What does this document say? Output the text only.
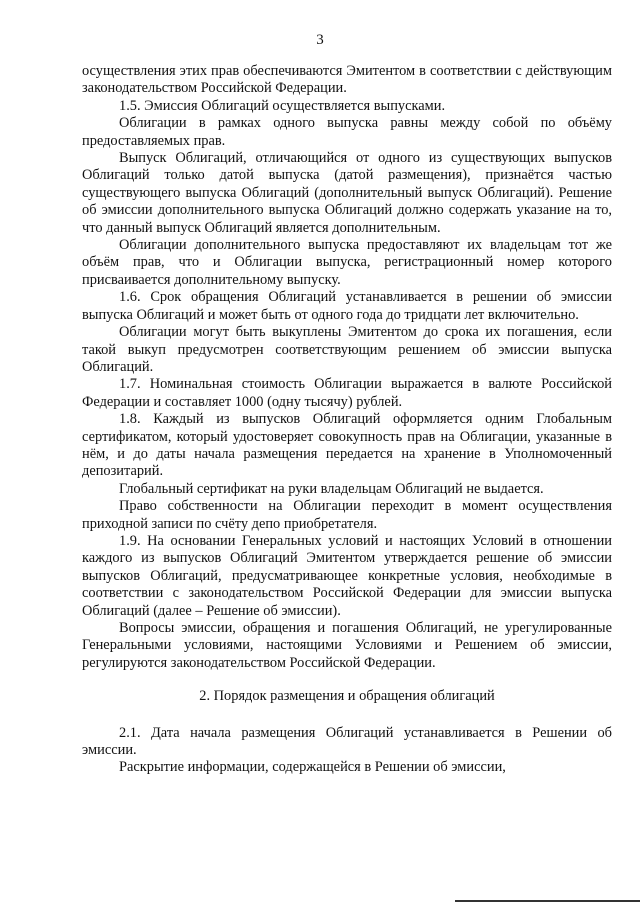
3

осуществления этих прав обеспечиваются Эмитентом в соответствии с действующим законодательством Российской Федерации.

1.5. Эмиссия Облигаций осуществляется выпусками.

Облигации в рамках одного выпуска равны между собой по объёму предоставляемых прав.

Выпуск Облигаций, отличающийся от одного из существующих выпусков Облигаций только датой выпуска (датой размещения), признаётся частью существующего выпуска Облигаций (дополнительный выпуск Облигаций). Решение об эмиссии дополнительного выпуска Облигаций должно содержать указание на то, что данный выпуск Облигаций является дополнительным.

Облигации дополнительного выпуска предоставляют их владельцам тот же объём прав, что и Облигации выпуска, регистрационный номер которого присваивается дополнительному выпуску.

1.6. Срок обращения Облигаций устанавливается в решении об эмиссии выпуска Облигаций и может быть от одного года до тридцати лет включительно.

Облигации могут быть выкуплены Эмитентом до срока их погашения, если такой выкуп предусмотрен соответствующим решением об эмиссии выпуска Облигаций.

1.7. Номинальная стоимость Облигации выражается в валюте Российской Федерации и составляет 1000 (одну тысячу) рублей.

1.8. Каждый из выпусков Облигаций оформляется одним Глобальным сертификатом, который удостоверяет совокупность прав на Облигации, указанные в нём, и до даты начала размещения передается на хранение в Уполномоченный депозитарий.

Глобальный сертификат на руки владельцам Облигаций не выдается.

Право собственности на Облигации переходит в момент осуществления приходной записи по счёту депо приобретателя.

1.9. На основании Генеральных условий и настоящих Условий в отношении каждого из выпусков Облигаций Эмитентом утверждается решение об эмиссии выпусков Облигаций, предусматривающее конкретные условия, необходимые в соответствии с законодательством Российской Федерации для эмиссии выпуска Облигаций (далее – Решение об эмиссии).

Вопросы эмиссии, обращения и погашения Облигаций, не урегулированные Генеральными условиями, настоящими Условиями и Решением об эмиссии, регулируются законодательством Российской Федерации.

2. Порядок размещения и обращения облигаций

2.1. Дата начала размещения Облигаций устанавливается в Решении об эмиссии.

Раскрытие информации, содержащейся в Решении об эмиссии,
